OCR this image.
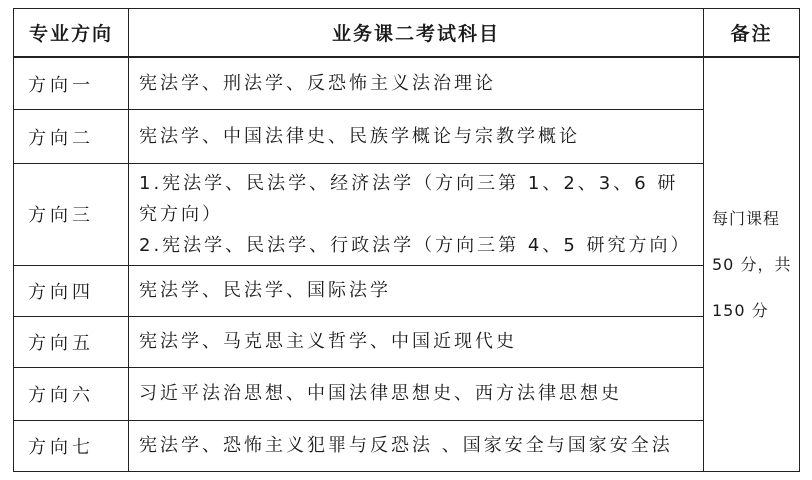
专业方向	业务课二考试科目	备注
方向一	宪法学、刑法学、反恐怖主义法治理论	每门课程
50 分，共
150 分

方向二	宪法学、中国法律史、民族学概论与宗教学概论	

方向三	1.宪法学、民法学、经济法学（方向三第 1、2、3、6 研
究方向）
2.宪法学、民法学、行政法学（方向三第 4、5 研究方向）	

方向四	宪法学、民法学、国际法学	

方向五	宪法学、马克思主义哲学、中国近现代史	

方向六	习近平法治思想、中国法律思想史、西方法律思想史	

方向七	宪法学、恐怖主义犯罪与反恐法 、国家安全与国家安全法	
